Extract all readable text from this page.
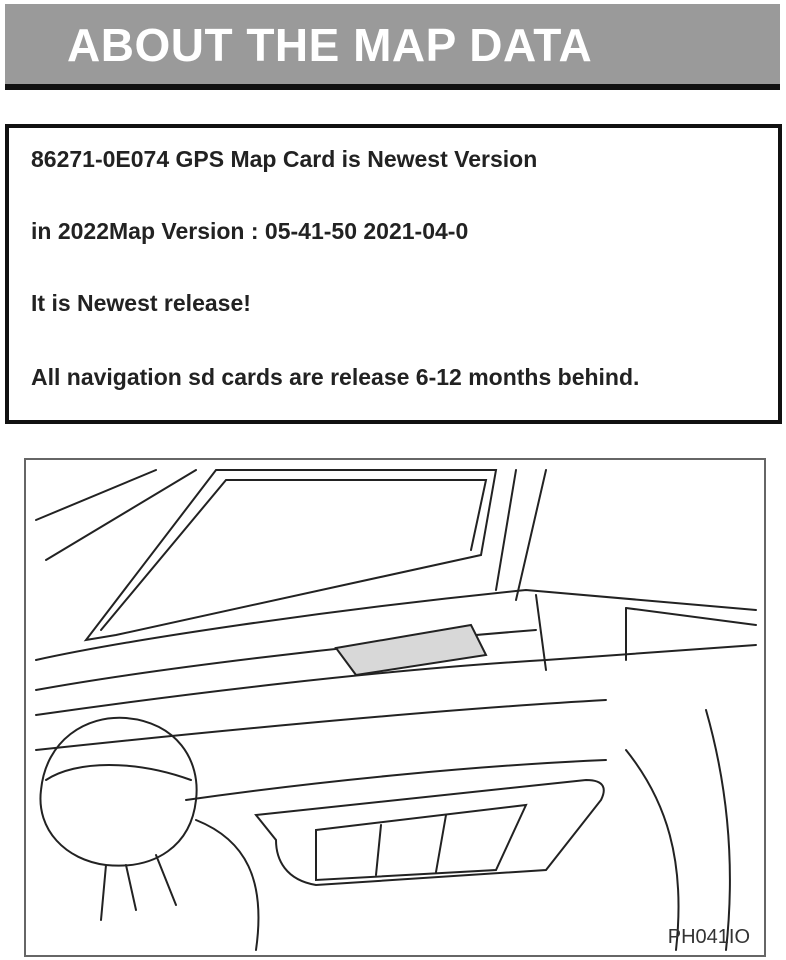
ABOUT THE MAP DATA
86271-0E074 GPS Map Card is Newest Version
in 2022Map Version : 05-41-50 2021-04-0
It is Newest release!
All navigation sd cards are release 6-12 months behind.
PH041IO
